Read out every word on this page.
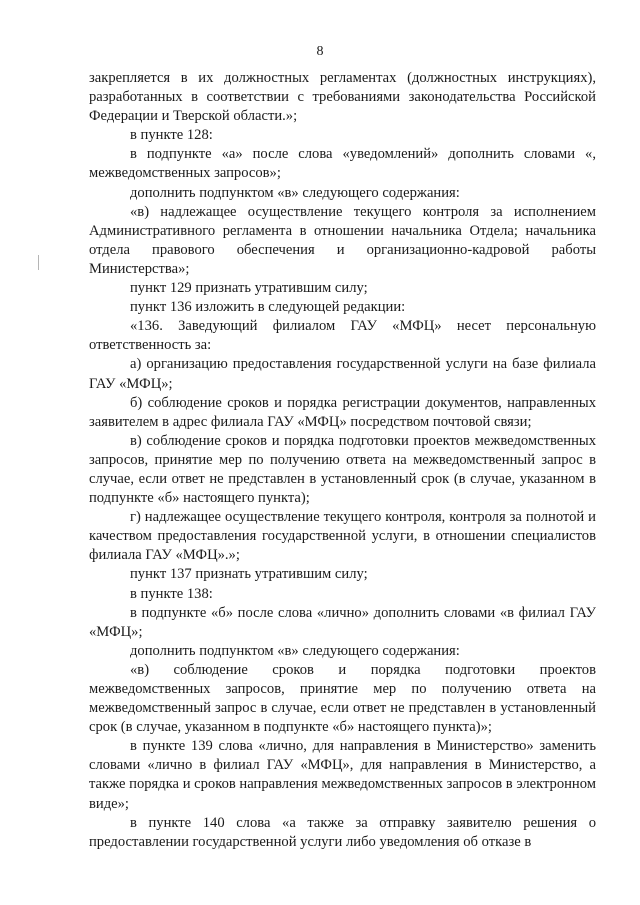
8

закрепляется в их должностных регламентах (должностных инструкциях), разработанных в соответствии с требованиями законодательства Российской Федерации и Тверской области.»;

в пункте 128:

в подпункте «а» после слова «уведомлений» дополнить словами «, межведомственных запросов»;

дополнить подпунктом «в» следующего содержания:

«в) надлежащее осуществление текущего контроля за исполнением Административного регламента в отношении начальника Отдела; начальника отдела правового обеспечения и организационно-кадровой работы Министерства»;

пункт 129 признать утратившим силу;

пункт 136 изложить в следующей редакции:

«136. Заведующий филиалом ГАУ «МФЦ» несет персональную ответственность за:

а) организацию предоставления государственной услуги на базе филиала ГАУ «МФЦ»;

б) соблюдение сроков и порядка регистрации документов, направленных заявителем в адрес филиала ГАУ «МФЦ» посредством почтовой связи;

в) соблюдение сроков и порядка подготовки проектов межведомственных запросов, принятие мер по получению ответа на межведомственный запрос в случае, если ответ не представлен в установленный срок (в случае, указанном в подпункте «б» настоящего пункта);

г) надлежащее осуществление текущего контроля, контроля за полнотой и качеством предоставления государственной услуги, в отношении специалистов филиала ГАУ «МФЦ».»;

пункт 137 признать утратившим силу;

в пункте 138:

в подпункте «б» после слова «лично» дополнить словами «в филиал ГАУ «МФЦ»;

дополнить подпунктом «в» следующего содержания:

«в) соблюдение сроков и порядка подготовки проектов межведомственных запросов, принятие мер по получению ответа на межведомственный запрос в случае, если ответ не представлен в установленный срок (в случае, указанном в подпункте «б» настоящего пункта)»;

в пункте 139 слова «лично, для направления в Министерство» заменить словами «лично в филиал ГАУ «МФЦ», для направления в Министерство, а также порядка и сроков направления межведомственных запросов в электронном виде»;

в пункте 140 слова «а также за отправку заявителю решения о предоставлении государственной услуги либо уведомления об отказе в
